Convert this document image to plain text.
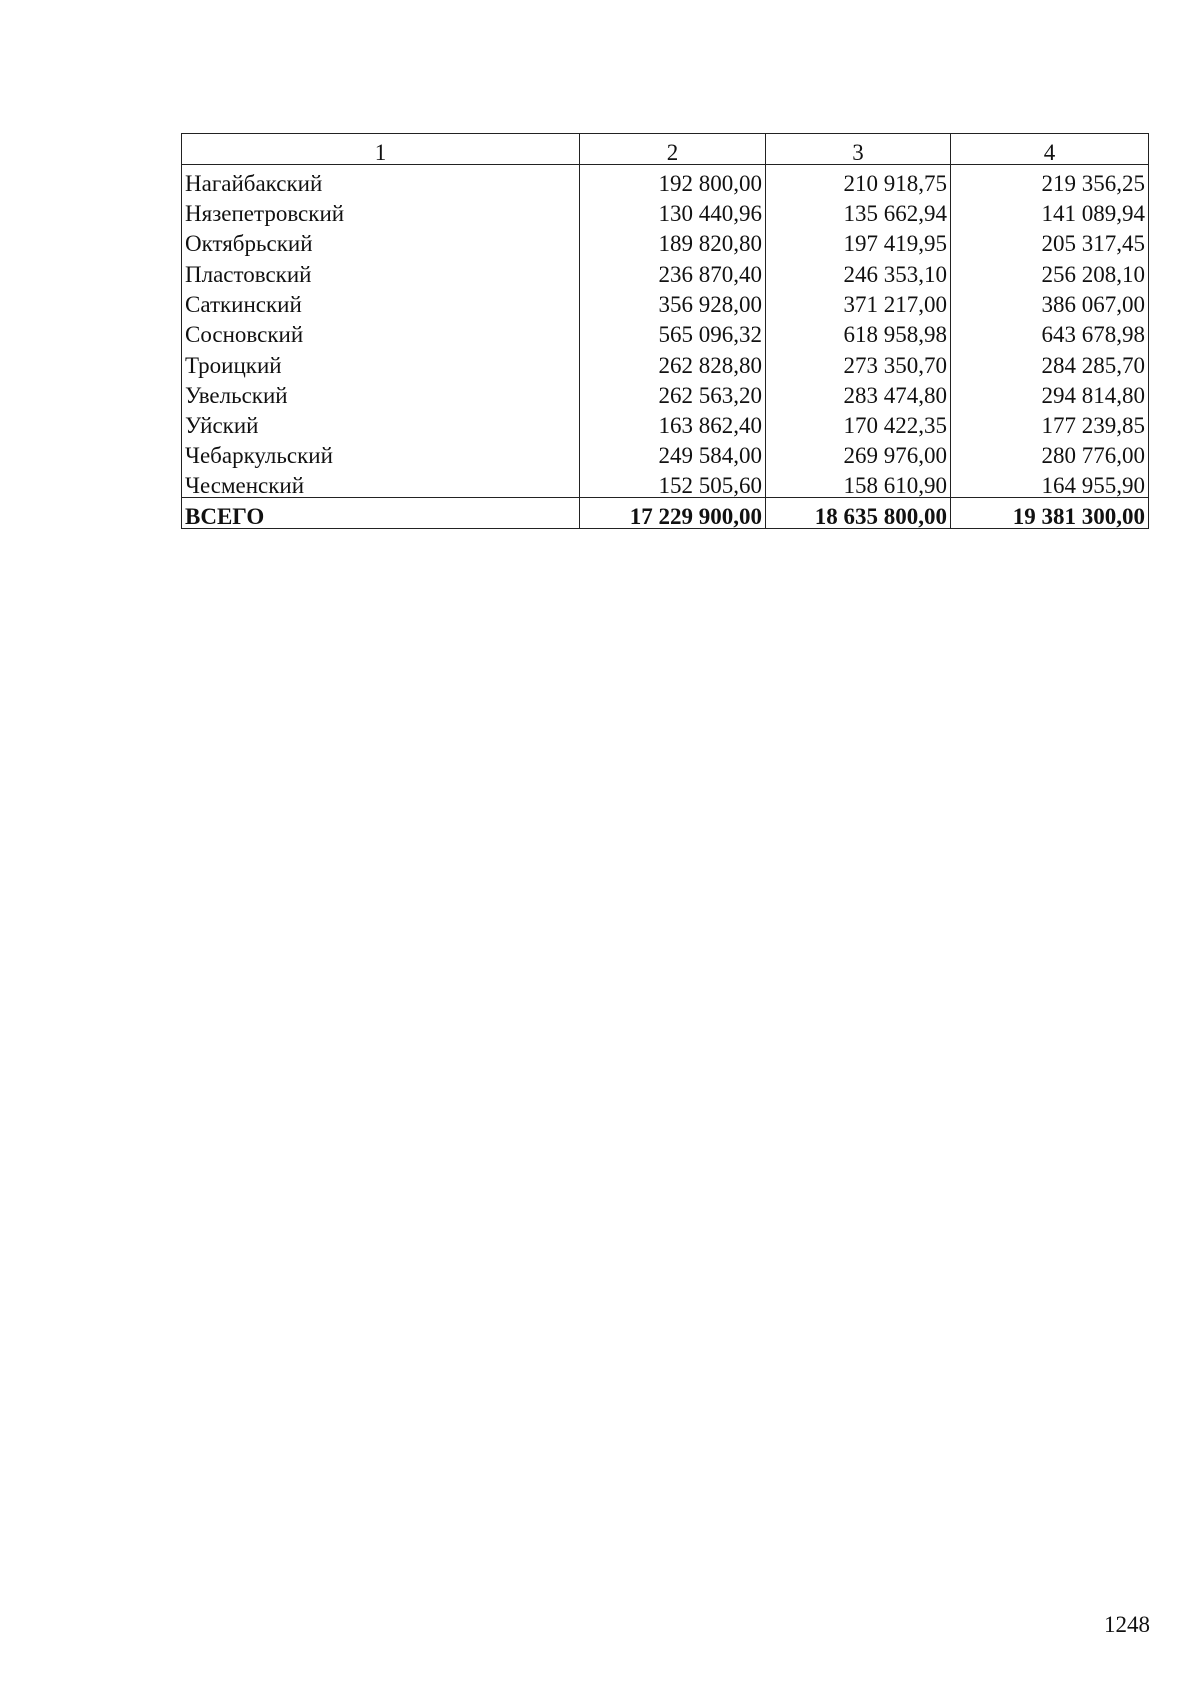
1	2	3	4
Нагайбакский	192 800,00	210 918,75	219 356,25
Нязепетровский	130 440,96	135 662,94	141 089,94
Октябрьский	189 820,80	197 419,95	205 317,45
Пластовский	236 870,40	246 353,10	256 208,10
Саткинский	356 928,00	371 217,00	386 067,00
Сосновский	565 096,32	618 958,98	643 678,98
Троицкий	262 828,80	273 350,70	284 285,70
Увельский	262 563,20	283 474,80	294 814,80
Уйский	163 862,40	170 422,35	177 239,85
Чебаркульский	249 584,00	269 976,00	280 776,00
Чесменский	152 505,60	158 610,90	164 955,90
ВСЕГО	17 229 900,00	18 635 800,00	19 381 300,00
1248
